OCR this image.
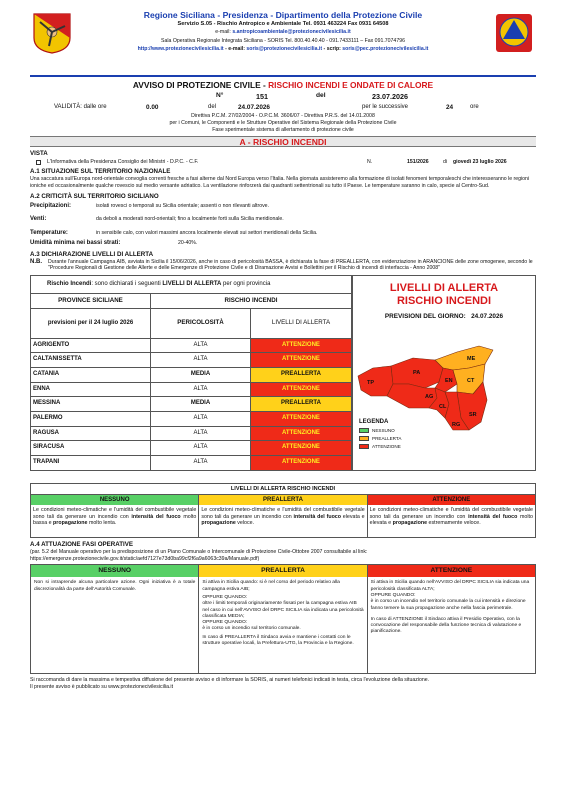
Regione Siciliana - Presidenza - Dipartimento della Protezione Civile
Servizio S.05 - Rischio Antropico e Ambientale Tel. 0931 463224 Fax 0931 64508
e-mail: s.antropicoambientale@protezionecivilesicilia.it
Sala Operativa Regionale Integrata Siciliana - SORIS Tel. 800.40.40.40 - 091.7433111 – Fax 091.7074796
http://www.protezionecivilesicilia.it - e-mail: soris@protezionecivilesicilia.it - scrip: soris@pec.protezionecivilesicilia.it
AVVISO DI PROTEZIONE CIVILE - RISCHIO INCENDI E ONDATE DI CALORE
N°	151	del	23.07.2026
VALIDITÀ: dalle ore	0.00	del	24.07.2026	per le successive	24	ore
Direttiva P.C.M. 27/02/2004 - O.P.C.M. 3606/07 - Direttiva P.R.S. del 14.01.2008
per i Comuni, le Componenti e le Strutture Operative del Sistema Regionale della Protezione Civile
Fase sperimentale sistema di allertamento di protezione civile
A - RISCHIO INCENDI
VISTA
L'Informativa della Presidenza Consiglio dei Ministri - D.P.C. - C.F.	N.	151/2026	di	giovedì 23 luglio 2026
A.1 SITUAZIONE SUL TERRITORIO NAZIONALE
Una saccatura sull'Europa nord-orientale convoglia correnti fresche a fasi alterne dal Nord Europa verso l'Italia. Nella giornata assisteremo alla formazione di isolati fenomeni temporaleschi che interesseranno le regioni ioniche ed occasionalmente qualche rovescio sul medio versante adriatico. La ventilazione rinforzerà dai quadranti settentrionali su tutto il Paese. Le temperature saranno in calo, specie al Centro-Sud.
A.2 CRITICITÀ SUL TERRITORIO SICILIANO
Precipitazioni:	isolati rovesci o temporali su Sicilia orientale; assenti o non rilevanti altrove.
Venti:	da deboli a moderati nord-orientali; fino a localmente forti sulla Sicilia meridionale.
Temperature:	in sensibile calo, con valori massimi ancora localmente elevati sui settori meridionali della Sicilia.
Umidità minima nei bassi strati:	20-40%.
A.3 DICHIARAZIONE LIVELLI DI ALLERTA
N.B.	Durante l'annuale Campagna AIB, avviata in Sicilia il 15/06/2026, anche in caso di pericolosità BASSA, è dichiarata la fase di PREALLERTA, con evidenziazione in ARANCIONE delle zone omogenee, secondo le "Procedure Regionali di Gestione delle Allerte e delle Emergenze di Protezione Civile e di Diramazione Avvisi e Bollettini per il Rischio di incendi di interfaccia - Anno 2008"
Rischio Incendi: sono dichiarati i seguenti LIVELLI DI ALLERTA per ogni provincia		
PROVINCE SICILIANE	RISCHIO INCENDI	
previsioni per il 24 luglio 2026	PERICOLOSITÀ	LIVELLI DI ALLERTA
AGRIGENTO	ALTA	ATTENZIONE
CALTANISSETTA	ALTA	ATTENZIONE
CATANIA	MEDIA	PREALLERTA
ENNA	ALTA	ATTENZIONE
MESSINA	MEDIA	PREALLERTA
PALERMO	ALTA	ATTENZIONE
RAGUSA	ALTA	ATTENZIONE
SIRACUSA	ALTA	ATTENZIONE
TRAPANI	ALTA	ATTENZIONE
LIVELLI DI ALLERTA
RISCHIO INCENDI
PREVISIONI DEL GIORNO: 24.07.2026
TP
PA
ME
EN	CT
AG
CL
SR
RG
LEGENDA
NESSUNO
PREALLERTA
ATTENZIONE
LIVELLI DI ALLERTA RISCHIO INCENDI
NESSUNO
Le condizioni meteo-climatiche e l'umidità del combustibile vegetale sono tali da generare un incendio con intensità del fuoco molto bassa e propagazione molto lenta.
PREALLERTA
Le condizioni meteo-climatiche e l'umidità del combustibile vegetale sono tali da generare un incendio con intensità del fuoco elevata e propagazione veloce.
ATTENZIONE
Le condizioni meteo-climatiche e l'umidità del combustibile vegetale sono tali da generare un incendio con intensità del fuoco molto elevata e propagazione estremamente veloce.
A.4 ATTUAZIONE FASI OPERATIVE
(par. 5.2 del Manuale operativo per la predisposizione di un Piano Comunale o Intercomunale di Protezione Civile-Ottobre 2007 consultabile al link:
https://emergenze.protezionecivile.gov.it/static/aefd7127e73d0ba99cf2f6a9a6063c39a/Manuale.pdf)
NESSUNO
Non si intraprende alcuna particolare azione. Ogni iniziativa è a totale discrezionalità da parte dell'Autorità Comunale.
PREALLERTA
Si attiva in Sicilia quando: si è nel corso del periodo relativo alla campagna estiva AIB;
OPPURE QUANDO:
oltre i limiti temporali originariamente fissati per la campagna estiva AIB nel caso in cui nell'AVVISO del DRPC SICILIA sia indicata una pericolosità classificata MEDIA;
OPPURE QUANDO:
è in corso un incendio sul territorio comunale.
In caso di PREALLERTA il Sindaco avvia e mantiene i contatti con le strutture operative locali, la Prefettura-UTG, la Provincia e la Regione.
ATTENZIONE
Si attiva in Sicilia quando nell'AVVISO del DRPC SICILIA sia indicata una pericolosità classificata ALTA;
OPPURE QUANDO:
è in corso un incendio nel territorio comunale la cui intensità e direzione fanno temere la sua propagazione anche nella fascia perimetrale.
In caso di ATTENZIONE il Sindaco attiva il Presidio Operativo, con la convocazione del responsabile della funzione tecnica di valutazione e pianificazione.
Si raccomanda di dare la massima e tempestiva diffusione del presente avviso e di informare la SORIS, ai numeri telefonici indicati in testa, circa l'evoluzione della situazione.
Il presente avviso è pubblicato su www.protezionecivilesicilia.it
